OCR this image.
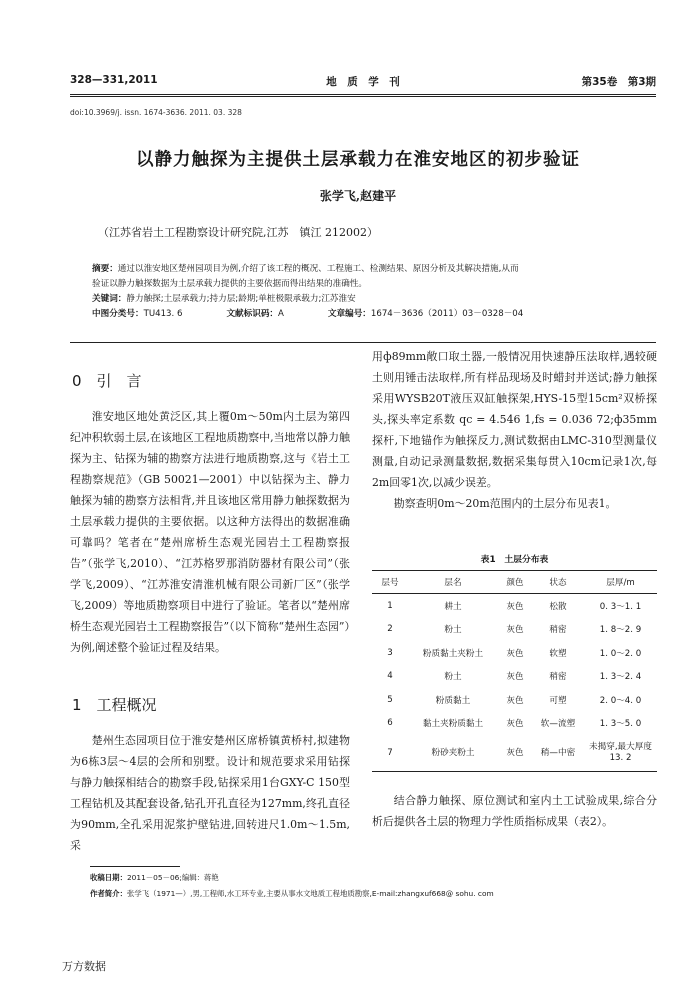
328—331,2011	地　质　学　刊	第35卷　第3期
doi:10.3969/j. issn. 1674-3636. 2011. 03. 328
以静力触探为主提供土层承载力在淮安地区的初步验证
张学飞,赵建平
（江苏省岩土工程勘察设计研究院,江苏　镇江 212002）
摘要：通过以淮安地区楚州园项目为例,介绍了该工程的概况、工程施工、检测结果、原因分析及其解决措施,从而
验证以静力触探数据为土层承载力提供的主要依据而得出结果的准确性。
关键词：静力触探;土层承载力;持力层;龄期;单桩极限承载力;江苏淮安
中图分类号：TU413. 6	文献标识码：A	文章编号：1674－3636（2011）03－0328－04
0　引　言

淮安地区地处黄泛区,其上覆0m～50m内土层为第四纪冲积软弱土层,在该地区工程地质勘察中,当地常以静力触探为主、钻探为辅的勘察方法进行地质勘察,这与《岩土工程勘察规范》（GB 50021—2001）中以钻探为主、静力触探为辅的勘察方法相背,并且该地区常用静力触探数据为土层承载力提供的主要依据。以这种方法得出的数据准确可靠吗？笔者在“楚州席桥生态观光园岩土工程勘察报告”（张学飞,2010）、“江苏格罗那消防器材有限公司”（张学飞,2009）、“江苏淮安清淮机械有限公司新厂区”（张学飞,2009）等地质勘察项目中进行了验证。笔者以“楚州席桥生态观光园岩土工程勘察报告”（以下简称“楚州生态园”）为例,阐述整个验证过程及结果。

1　工程概况

楚州生态园项目位于淮安楚州区席桥镇黄桥村,拟建物为6栋3层～4层的会所和别墅。设计和规范要求采用钻探与静力触探相结合的勘察手段,钻探采用1台GXY-C 150型工程钻机及其配套设备,钻孔开孔直径为127mm,终孔直径为90mm,全孔采用泥浆护壁钻进,回转进尺1.0m～1.5m,采

用ф89mm敞口取土器,一般情况用快速静压法取样,遇较硬土则用锤击法取样,所有样品现场及时蜡封并送试;静力触探采用WYSB20T液压双缸触探架,HYS-15型15cm²双桥探头,探头率定系数 qc = 4.546 1,fs = 0.036 72;ф35mm探杆,下地锚作为触探反力,测试数据由LMC-310型测量仪测量,自动记录测量数据,数据采集每贯入10cm记录1次,每2m回零1次,以减少误差。

勘察查明0m～20m范围内的土层分布见表1。

表1　土层分布表
层号	层名	颜色	状态	层厚/m
1	耕土	灰色	松散	0. 3～1. 1
2	粉土	灰色	稍密	1. 8～2. 9
3	粉质黏土夹粉土	灰色	软塑	1. 0～2. 0
4	粉土	灰色	稍密	1. 3～2. 4
5	粉质黏土	灰色	可塑	2. 0～4. 0
6	黏土夹粉质黏土	灰色	软—流塑	1. 3～5. 0
7	粉砂夹粉土	灰色	稍—中密	未揭穿,最大厚度13. 2

结合静力触探、原位测试和室内土工试验成果,综合分析后提供各土层的物理力学性质指标成果（表2）。

收稿日期：2011－05－06;编辑：蒋艳
作者简介：张学飞（1971—）,男,工程师,水工环专业,主要从事水文地质工程地质勘察,E-mail:zhangxuf668@ sohu. com
万方数据
